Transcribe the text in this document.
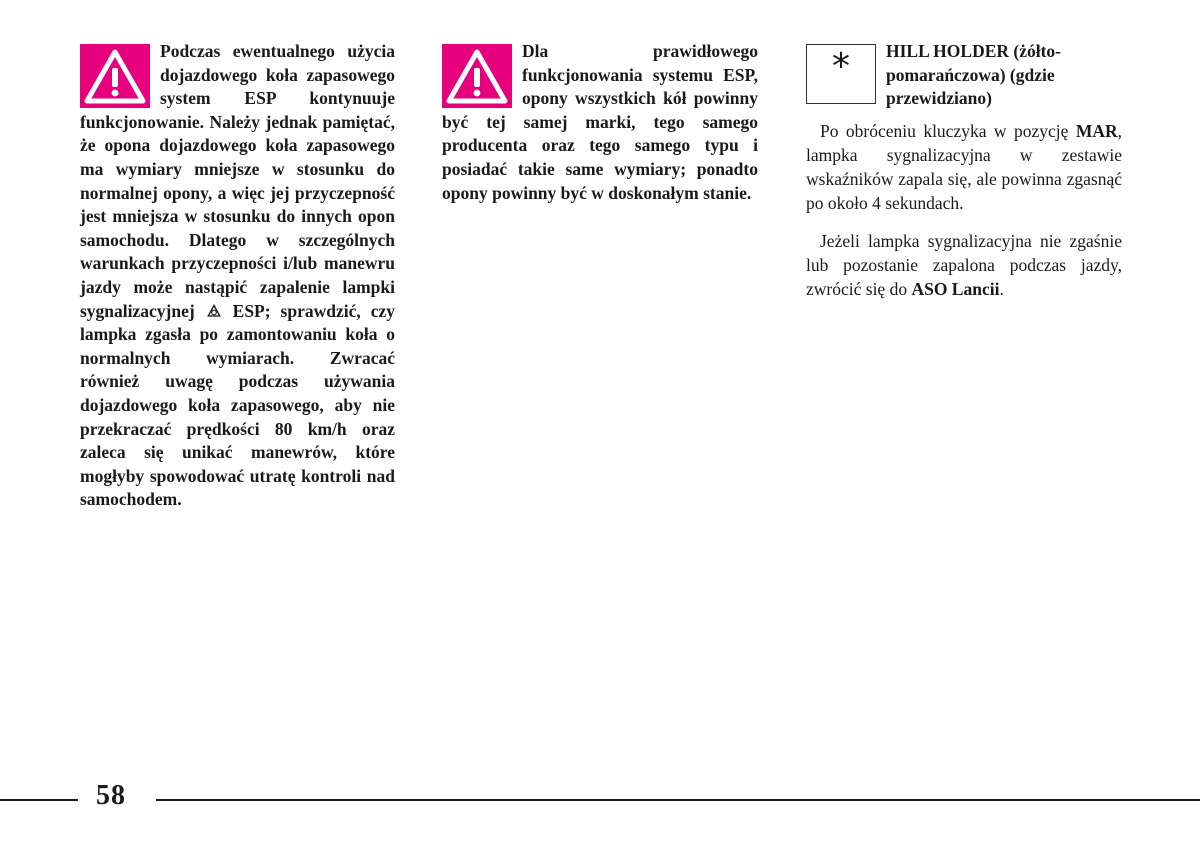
Podczas ewentualnego użycia dojazdowego koła zapasowego system ESP kontynuuje funkcjonowanie. Należy jednak pamiętać, że opona dojazdowego koła zapasowego ma wymiary mniejsze w stosunku do normalnej opony, a więc jej przyczepność jest mniejsza w stosunku do innych opon samochodu. Dlatego w szczególnych warunkach przyczepności i/lub manewru jazdy może nastąpić zapalenie lampki sygnalizacyjnej ESP; sprawdzić, czy lampka zgasła po zamontowaniu koła o normalnych wymiarach. Zwracać również uwagę podczas używania dojazdowego koła zapasowego, aby nie przekraczać prędkości 80 km/h oraz zaleca się unikać manewrów, które mogłyby spowodować utratę kontroli nad samochodem.

Dla prawidłowego funkcjonowania systemu ESP, opony wszystkich kół powinny być tej samej marki, tego samego producenta oraz tego samego typu i posiadać takie same wymiary; ponadto opony powinny być w doskonałym stanie.

*	HILL HOLDER (żółto-pomarańczowa) (gdzie przewidziano)

Po obróceniu kluczyka w pozycję MAR, lampka sygnalizacyjna w zestawie wskaźników zapala się, ale powinna zgasnąć po około 4 sekundach.

Jeżeli lampka sygnalizacyjna nie zgaśnie lub pozostanie zapalona podczas jazdy, zwrócić się do ASO Lancii.

58
